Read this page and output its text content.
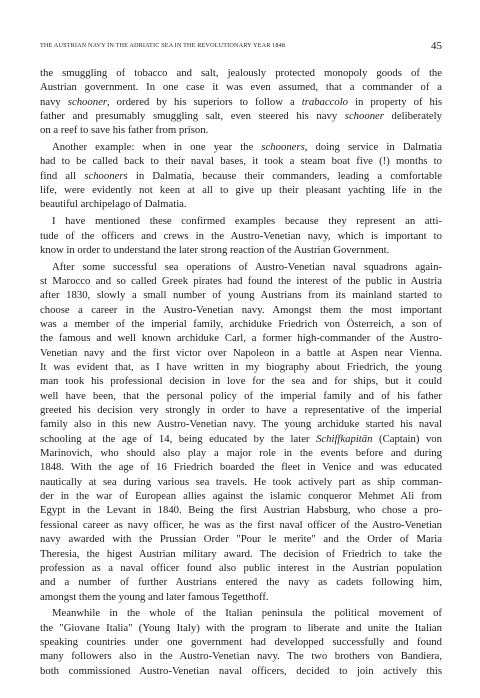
THE AUSTRIAN NAVY IN THE ADRIATIC SEA IN THE REVOLUTIONARY YEAR 1848	45
the smuggling of tobacco and salt, jealously protected monopoly goods of the
Austrian government. In one case it was even assumed, that a commander of a
navy schooner, ordered by his superiors to follow a trabaccolo in property of his
father and presumably smuggling salt, even steered his navy schooner deliberately
on a reef to save his father from prison.
Another example: when in one year the schooners, doing service in Dalmatia
had to be called back to their naval bases, it took a steam boat five (!) months to
find all schooners in Dalmatia, because their commanders, leading a comfortable
life, were evidently not keen at all to give up their pleasant yachting life in the
beautiful archipelago of Dalmatia.
I have mentioned these confirmed examples because they represent an atti-
tude of the officers and crews in the Austro-Venetian navy, which is important to
know in order to understand the later strong reaction of the Austrian Government.
After some successful sea operations of Austro-Venetian naval squadrons again-
st Marocco and so called Greek pirates had found the interest of the public in Austria
after 1830, slowly a small number of young Austrians from its mainland started to
choose a career in the Austro-Venetian navy. Amongst them the most important
was a member of the imperial family, archiduke Friedrich von Österreich, a son of
the famous and well known archiduke Carl, a former high-commander of the Austro-
Venetian navy and the first victor over Napoleon in a battle at Aspen near Vienna.
It was evident that, as I have written in my biography about Friedrich, the young
man took his professional decision in love for the sea and for ships, but it could
well have been, that the personal policy of the imperial family and of his father
greeted his decision very strongly in order to have a representative of the imperial
family also in this new Austro-Venetian navy. The young archiduke started his naval
schooling at the age of 14, being educated by the later Schiffkapitän (Captain) von
Marinovich, who should also play a major role in the events before and during
1848. With the age of 16 Friedrich boarded the fleet in Venice and was educated
nautically at sea during various sea travels. He took actively part as ship comman-
der in the war of European allies against the islamic conqueror Mehmet Ali from
Egypt in the Levant in 1840. Being the first Austrian Habsburg, who chose a pro-
fessional career as navy officer, he was as the first naval officer of the Austro-Venetian
navy awarded with the Prussian Order "Pour le merite" and the Order of Maria
Theresia, the higest Austrian military award. The decision of Friedrich to take the
profession as a naval officer found also public interest in the Austrian population
and a number of further Austrians entered the navy as cadets following him,
amongst them the young and later famous Tegetthoff.
Meanwhile in the whole of the Italian peninsula the political movement of
the "Giovane Italia" (Young Italy) with the program to liberate and unite the Italian
speaking countries under one government had developped successfully and found
many followers also in the Austro-Venetian navy. The two brothers von Bandiera,
both commissioned Austro-Venetian naval officers, decided to join actively this
